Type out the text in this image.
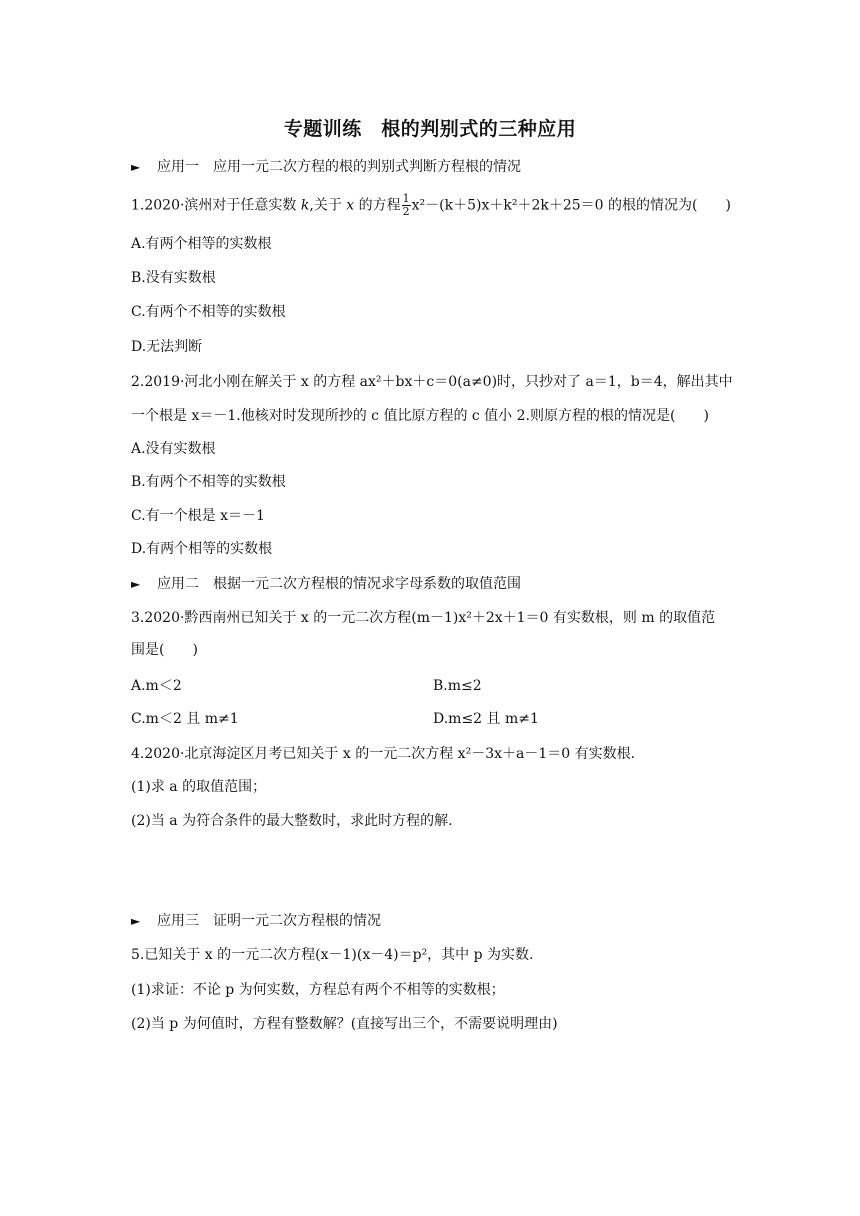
专题训练　根的判别式的三种应用
► 应用一　应用一元二次方程的根的判别式判断方程根的情况
1.2020·滨州对于任意实数 k,关于 x 的方程 $\frac{1}{2} x^2-(k+5)x+k^2+2k+25=0$ 的根的情况为(　　)
A.有两个相等的实数根
B.没有实数根
C.有两个不相等的实数根
D.无法判断
2.2019·河北小刚在解关于 x 的方程 ax²＋bx＋c＝0(a≠0)时，只抄对了 a＝1，b＝4，解出其中
一个根是 x＝－1.他核对时发现所抄的 c 值比原方程的 c 值小 2.则原方程的根的情况是(　　)
A.没有实数根
B.有两个不相等的实数根
C.有一个根是 x＝－1
D.有两个相等的实数根
► 应用二　根据一元二次方程根的情况求字母系数的取值范围
3.2020·黔西南州已知关于 x 的一元二次方程(m－1)x²＋2x＋1＝0 有实数根，则 m 的取值范
围是(　　)
A.m＜2	B.m≤2
C.m＜2 且 m≠1	D.m≤2 且 m≠1
4.2020·北京海淀区月考已知关于 x 的一元二次方程 x²－3x＋a－1＝0 有实数根.
(1)求 a 的取值范围；
(2)当 a 为符合条件的最大整数时，求此时方程的解.
► 应用三　证明一元二次方程根的情况
5.已知关于 x 的一元二次方程(x－1)(x－4)＝p²，其中 p 为实数.
(1)求证：不论 p 为何实数，方程总有两个不相等的实数根；
(2)当 p 为何值时，方程有整数解？(直接写出三个，不需要说明理由)
